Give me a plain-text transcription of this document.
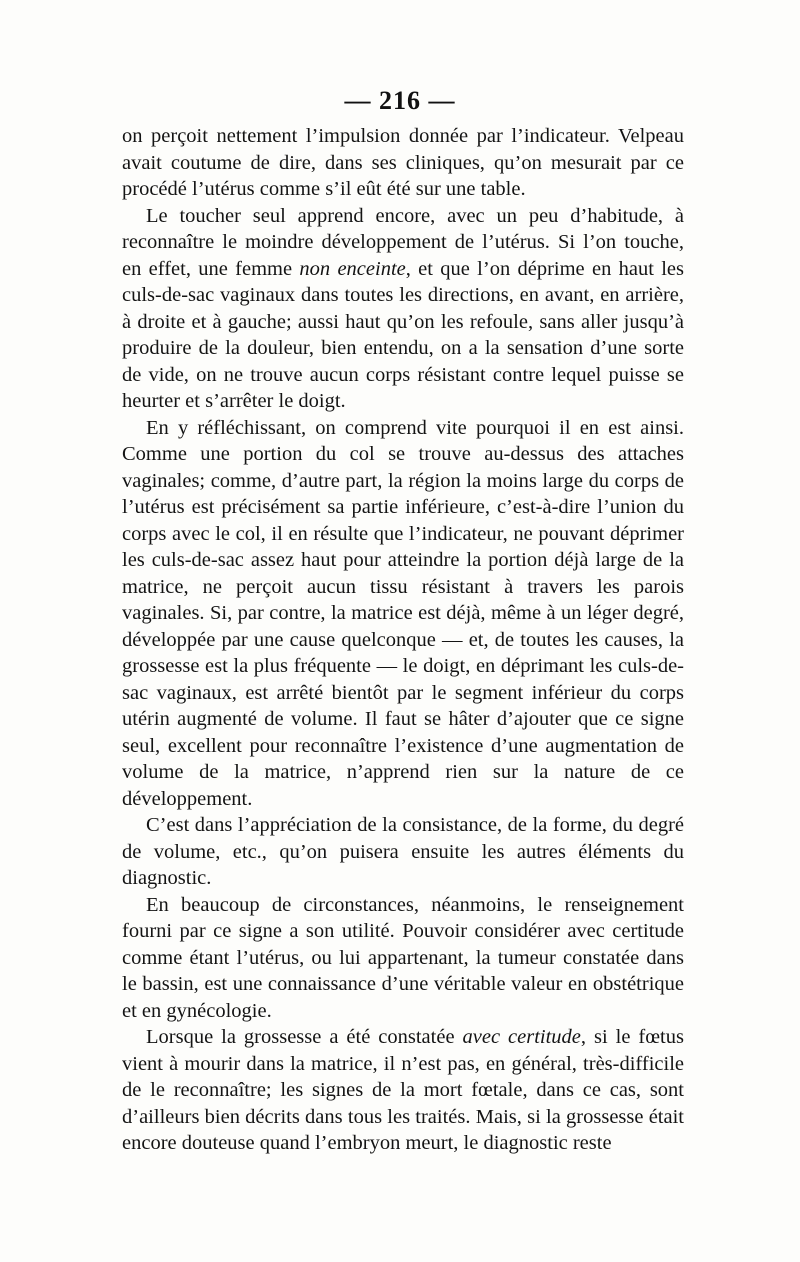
— 216 —

on perçoit nettement l’impulsion donnée par l’indicateur. Velpeau avait coutume de dire, dans ses cliniques, qu’on mesurait par ce procédé l’utérus comme s’il eût été sur une table.

Le toucher seul apprend encore, avec un peu d’habitude, à reconnaître le moindre développement de l’utérus. Si l’on touche, en effet, une femme non enceinte, et que l’on déprime en haut les culs-de-sac vaginaux dans toutes les directions, en avant, en arrière, à droite et à gauche; aussi haut qu’on les refoule, sans aller jusqu’à produire de la douleur, bien entendu, on a la sensation d’une sorte de vide, on ne trouve aucun corps résistant contre lequel puisse se heurter et s’arrêter le doigt.

En y réfléchissant, on comprend vite pourquoi il en est ainsi. Comme une portion du col se trouve au-dessus des attaches vaginales; comme, d’autre part, la région la moins large du corps de l’utérus est précisément sa partie inférieure, c’est-à-dire l’union du corps avec le col, il en résulte que l’indicateur, ne pouvant déprimer les culs-de-sac assez haut pour atteindre la portion déjà large de la matrice, ne perçoit aucun tissu résistant à travers les parois vaginales. Si, par contre, la matrice est déjà, même à un léger degré, développée par une cause quelconque — et, de toutes les causes, la grossesse est la plus fréquente — le doigt, en déprimant les culs-de-sac vaginaux, est arrêté bientôt par le segment inférieur du corps utérin augmenté de volume. Il faut se hâter d’ajouter que ce signe seul, excellent pour reconnaître l’existence d’une augmentation de volume de la matrice, n’apprend rien sur la nature de ce développement.

C’est dans l’appréciation de la consistance, de la forme, du degré de volume, etc., qu’on puisera ensuite les autres éléments du diagnostic.

En beaucoup de circonstances, néanmoins, le renseignement fourni par ce signe a son utilité. Pouvoir considérer avec certitude comme étant l’utérus, ou lui appartenant, la tumeur constatée dans le bassin, est une connaissance d’une véritable valeur en obstétrique et en gynécologie.

Lorsque la grossesse a été constatée avec certitude, si le fœtus vient à mourir dans la matrice, il n’est pas, en général, très-difficile de le reconnaître; les signes de la mort fœtale, dans ce cas, sont d’ailleurs bien décrits dans tous les traités. Mais, si la grossesse était encore douteuse quand l’embryon meurt, le diagnostic reste
